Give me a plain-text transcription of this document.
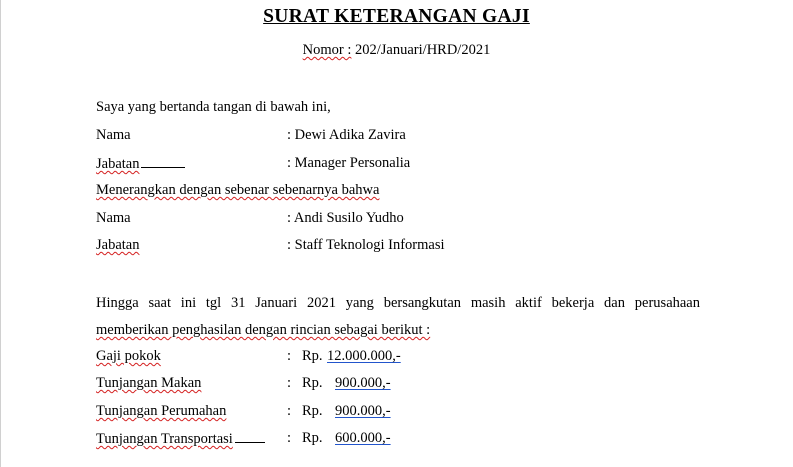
SURAT KETERANGAN GAJI
Nomor : 202/Januari/HRD/2021
Saya yang bertanda tangan di bawah ini,
Nama	: Dewi Adika Zavira
Jabatan	: Manager Personalia
Menerangkan dengan sebenar sebenarnya bahwa
Nama	: Andi Susilo Yudho
Jabatan	: Staff Teknologi Informasi
Hingga saat ini tgl 31 Januari 2021 yang bersangkutan masih aktif bekerja dan perusahaan
memberikan penghasilan dengan rincian sebagai berikut :
Gaji pokok	: Rp. 12.000.000,-
Tunjangan Makan	: Rp. 900.000,-
Tunjangan Perumahan	: Rp. 900.000,-
Tunjangan Transportasi	: Rp. 600.000,-
